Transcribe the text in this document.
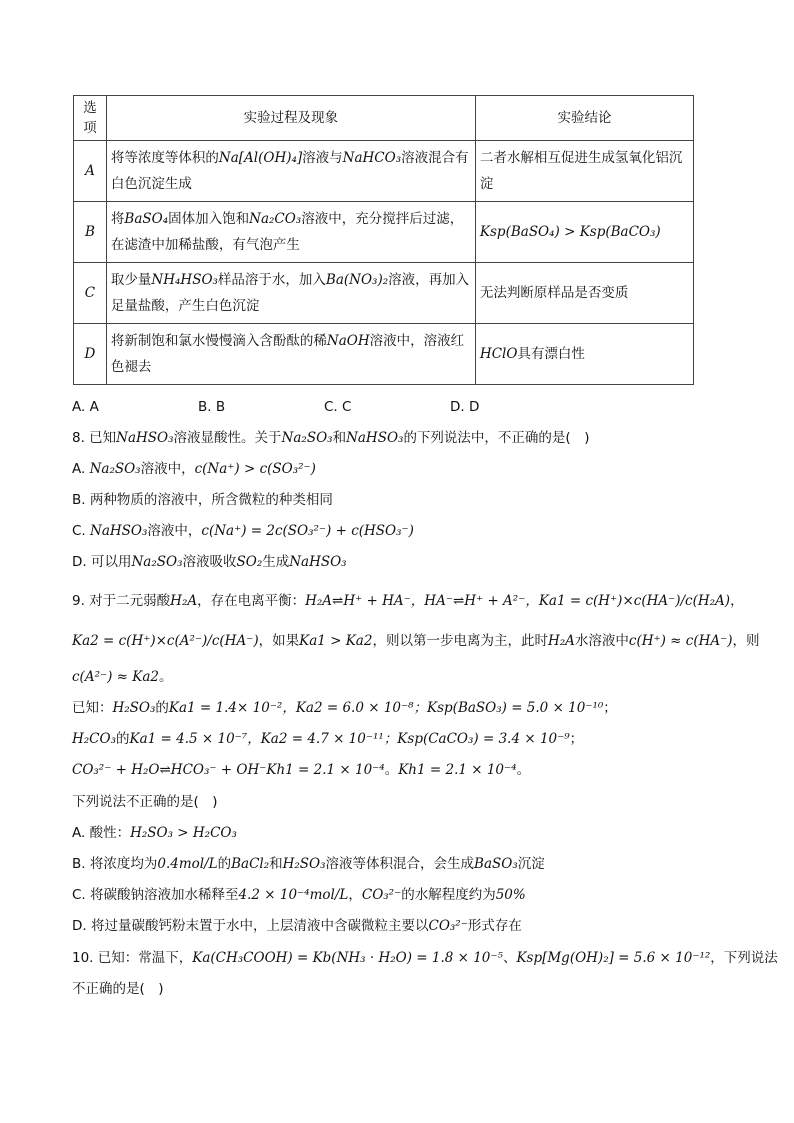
选项	实验过程及现象	实验结论
A	将等浓度等体积的Na[Al(OH)₄]溶液与NaHCO₃溶液混合有白色沉淀生成	二者水解相互促进生成氢氧化铝沉淀
B	将BaSO₄固体加入饱和Na₂CO₃溶液中，充分搅拌后过滤，在滤渣中加稀盐酸，有气泡产生	Ksp(BaSO₄) > Ksp(BaCO₃)
C	取少量NH₄HSO₃样品溶于水，加入Ba(NO₃)₂溶液，再加入足量盐酸，产生白色沉淀	无法判断原样品是否变质
D	将新制饱和氯水慢慢滴入含酚酞的稀NaOH溶液中，溶液红色褪去	HClO具有漂白性
A. A	B. B	C. C	D. D
8. 已知NaHSO₃溶液显酸性。关于Na₂SO₃和NaHSO₃的下列说法中，不正确的是(　)
A. Na₂SO₃溶液中，c(Na⁺) > c(SO₃²⁻)
B. 两种物质的溶液中，所含微粒的种类相同
C. NaHSO₃溶液中，c(Na⁺) = 2c(SO₃²⁻) + c(HSO₃⁻)
D. 可以用Na₂SO₃溶液吸收SO₂生成NaHSO₃
9. 对于二元弱酸H₂A，存在电离平衡：H₂A⇌H⁺ + HA⁻，HA⁻⇌H⁺ + A²⁻，Ka1 = c(H⁺)×c(HA⁻)/c(H₂A)，
Ka2 = c(H⁺)×c(A²⁻)/c(HA⁻)，如果Ka1 > Ka2，则以第一步电离为主，此时H₂A水溶液中c(H⁺) ≈ c(HA⁻)，则
c(A²⁻) ≈ Ka2。
已知：H₂SO₃的Ka1 = 1.4× 10⁻²，Ka2 = 6.0 × 10⁻⁸；Ksp(BaSO₃) = 5.0 × 10⁻¹⁰；
H₂CO₃的Ka1 = 4.5 × 10⁻⁷，Ka2 = 4.7 × 10⁻¹¹；Ksp(CaCO₃) = 3.4 × 10⁻⁹；
CO₃²⁻ + H₂O⇌HCO₃⁻ + OH⁻Kh1 = 2.1 × 10⁻⁴。Kh1 = 2.1 × 10⁻⁴。
下列说法不正确的是(　)
A. 酸性：H₂SO₃ > H₂CO₃
B. 将浓度均为0.4mol/L的BaCl₂和H₂SO₃溶液等体积混合，会生成BaSO₃沉淀
C. 将碳酸钠溶液加水稀释至4.2 × 10⁻⁴mol/L，CO₃²⁻的水解程度约为50%
D. 将过量碳酸钙粉末置于水中，上层清液中含碳微粒主要以CO₃²⁻形式存在
10. 已知：常温下，Ka(CH₃COOH) = Kb(NH₃ · H₂O) = 1.8 × 10⁻⁵、Ksp[Mg(OH)₂] = 5.6 × 10⁻¹²，下列说法
不正确的是(　)
